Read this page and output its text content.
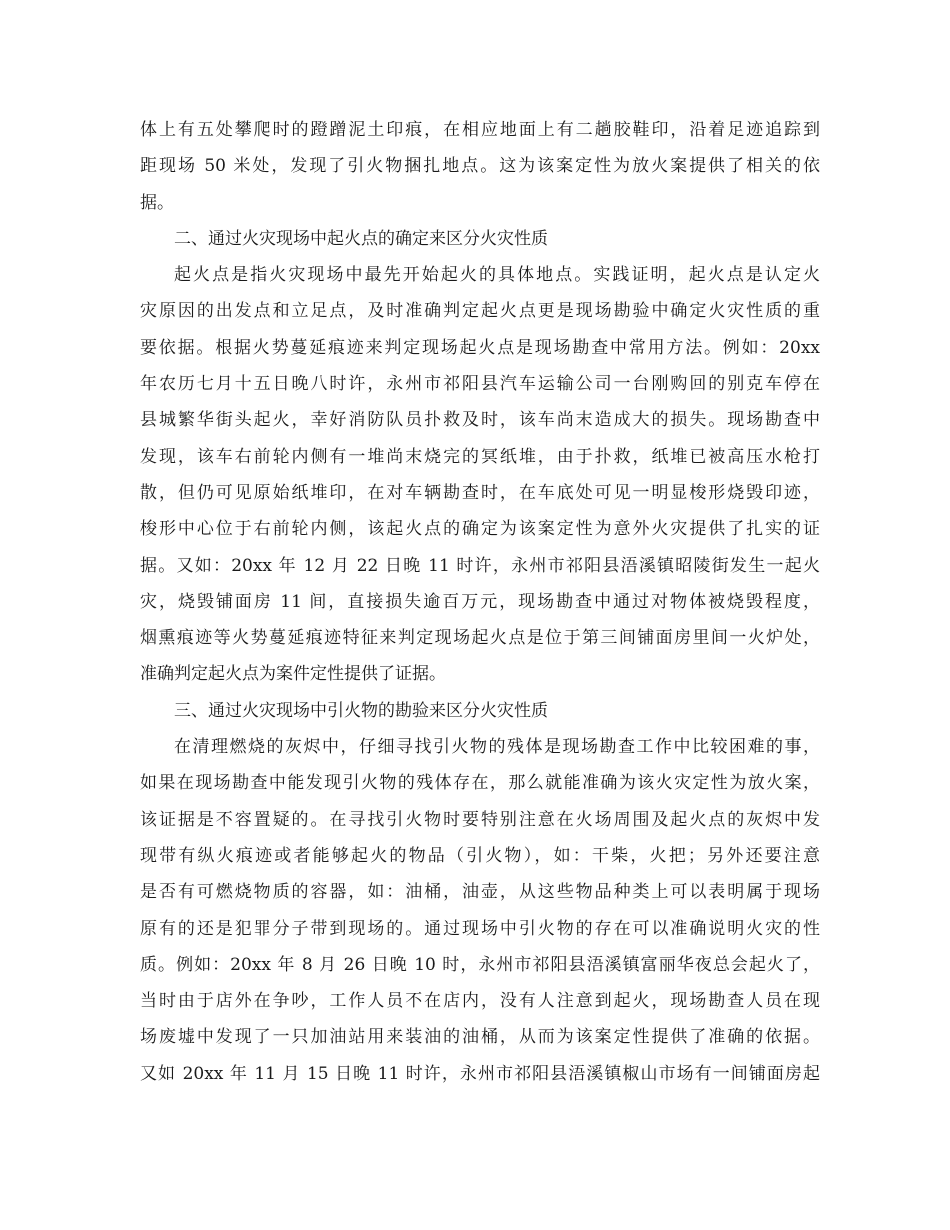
体上有五处攀爬时的蹬蹭泥土印痕，在相应地面上有二趟胶鞋印，沿着足迹追踪到
距现场 50 米处，发现了引火物捆扎地点。这为该案定性为放火案提供了相关的依
据。
二、通过火灾现场中起火点的确定来区分火灾性质
起火点是指火灾现场中最先开始起火的具体地点。实践证明，起火点是认定火
灾原因的出发点和立足点，及时准确判定起火点更是现场勘验中确定火灾性质的重
要依据。根据火势蔓延痕迹来判定现场起火点是现场勘查中常用方法。例如：20xx
年农历七月十五日晚八时许，永州市祁阳县汽车运输公司一台刚购回的别克车停在
县城繁华街头起火，幸好消防队员扑救及时，该车尚末造成大的损失。现场勘查中
发现，该车右前轮内侧有一堆尚末烧完的冥纸堆，由于扑救，纸堆已被高压水枪打
散，但仍可见原始纸堆印，在对车辆勘查时，在车底处可见一明显梭形烧毁印迹，
梭形中心位于右前轮内侧，该起火点的确定为该案定性为意外火灾提供了扎实的证
据。又如：20xx 年 12 月 22 日晚 11 时许，永州市祁阳县浯溪镇昭陵街发生一起火
灾，烧毁铺面房 11 间，直接损失逾百万元，现场勘查中通过对物体被烧毁程度，
烟熏痕迹等火势蔓延痕迹特征来判定现场起火点是位于第三间铺面房里间一火炉处，
准确判定起火点为案件定性提供了证据。
三、通过火灾现场中引火物的勘验来区分火灾性质
在清理燃烧的灰烬中，仔细寻找引火物的残体是现场勘查工作中比较困难的事，
如果在现场勘查中能发现引火物的残体存在，那么就能准确为该火灾定性为放火案，
该证据是不容置疑的。在寻找引火物时要特别注意在火场周围及起火点的灰烬中发
现带有纵火痕迹或者能够起火的物品（引火物），如：干柴，火把；另外还要注意
是否有可燃烧物质的容器，如：油桶，油壶，从这些物品种类上可以表明属于现场
原有的还是犯罪分子带到现场的。通过现场中引火物的存在可以准确说明火灾的性
质。例如：20xx 年 8 月 26 日晚 10 时，永州市祁阳县浯溪镇富丽华夜总会起火了，
当时由于店外在争吵，工作人员不在店内，没有人注意到起火，现场勘查人员在现
场废墟中发现了一只加油站用来装油的油桶，从而为该案定性提供了准确的依据。
又如 20xx 年 11 月 15 日晚 11 时许，永州市祁阳县浯溪镇椒山市场有一间铺面房起
